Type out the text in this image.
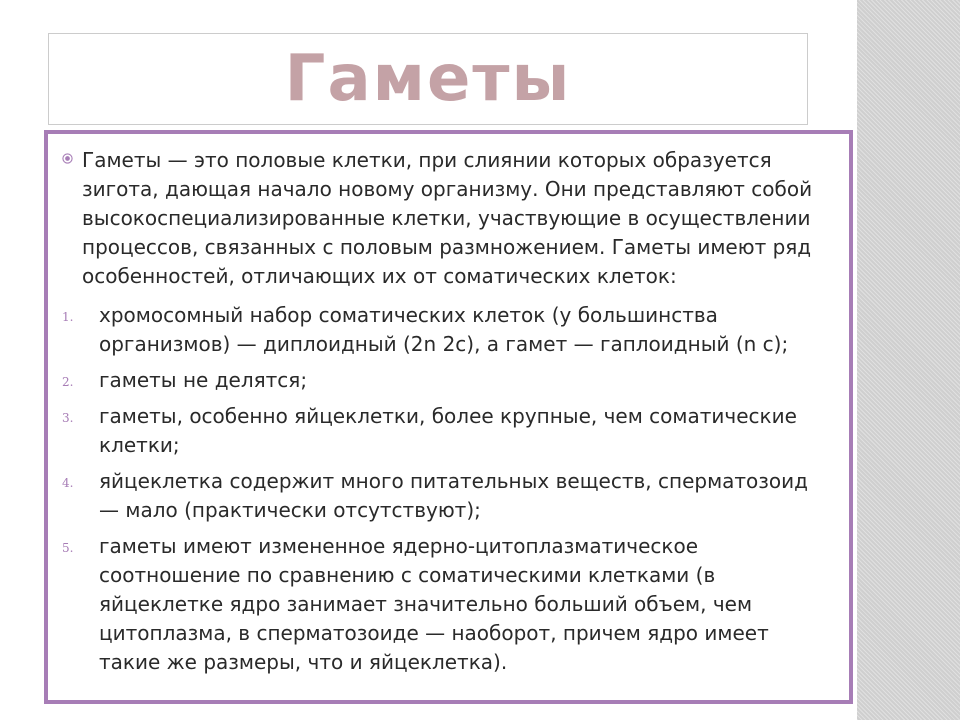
Гаметы
Гаметы — это половые клетки, при слиянии которых образуется зигота, дающая начало новому организму. Они представляют собой высокоспециализированные клетки, участвующие в осуществлении процессов, связанных с половым размножением. Гаметы имеют ряд особенностей, отличающих их от соматических клеток:
1. хромосомный набор соматических клеток (у большинства организмов) — диплоидный (2n 2c), а гамет — гаплоидный (n c);
2. гаметы не делятся;
3. гаметы, особенно яйцеклетки, более крупные, чем соматические клетки;
4. яйцеклетка содержит много питательных веществ, сперматозоид — мало (практически отсутствуют);
5. гаметы имеют измененное ядерно-цитоплазматическое соотношение по сравнению с соматическими клетками (в яйцеклетке ядро занимает значительно больший объем, чем цитоплазма, в сперматозоиде — наоборот, причем ядро имеет такие же размеры, что и яйцеклетка).
